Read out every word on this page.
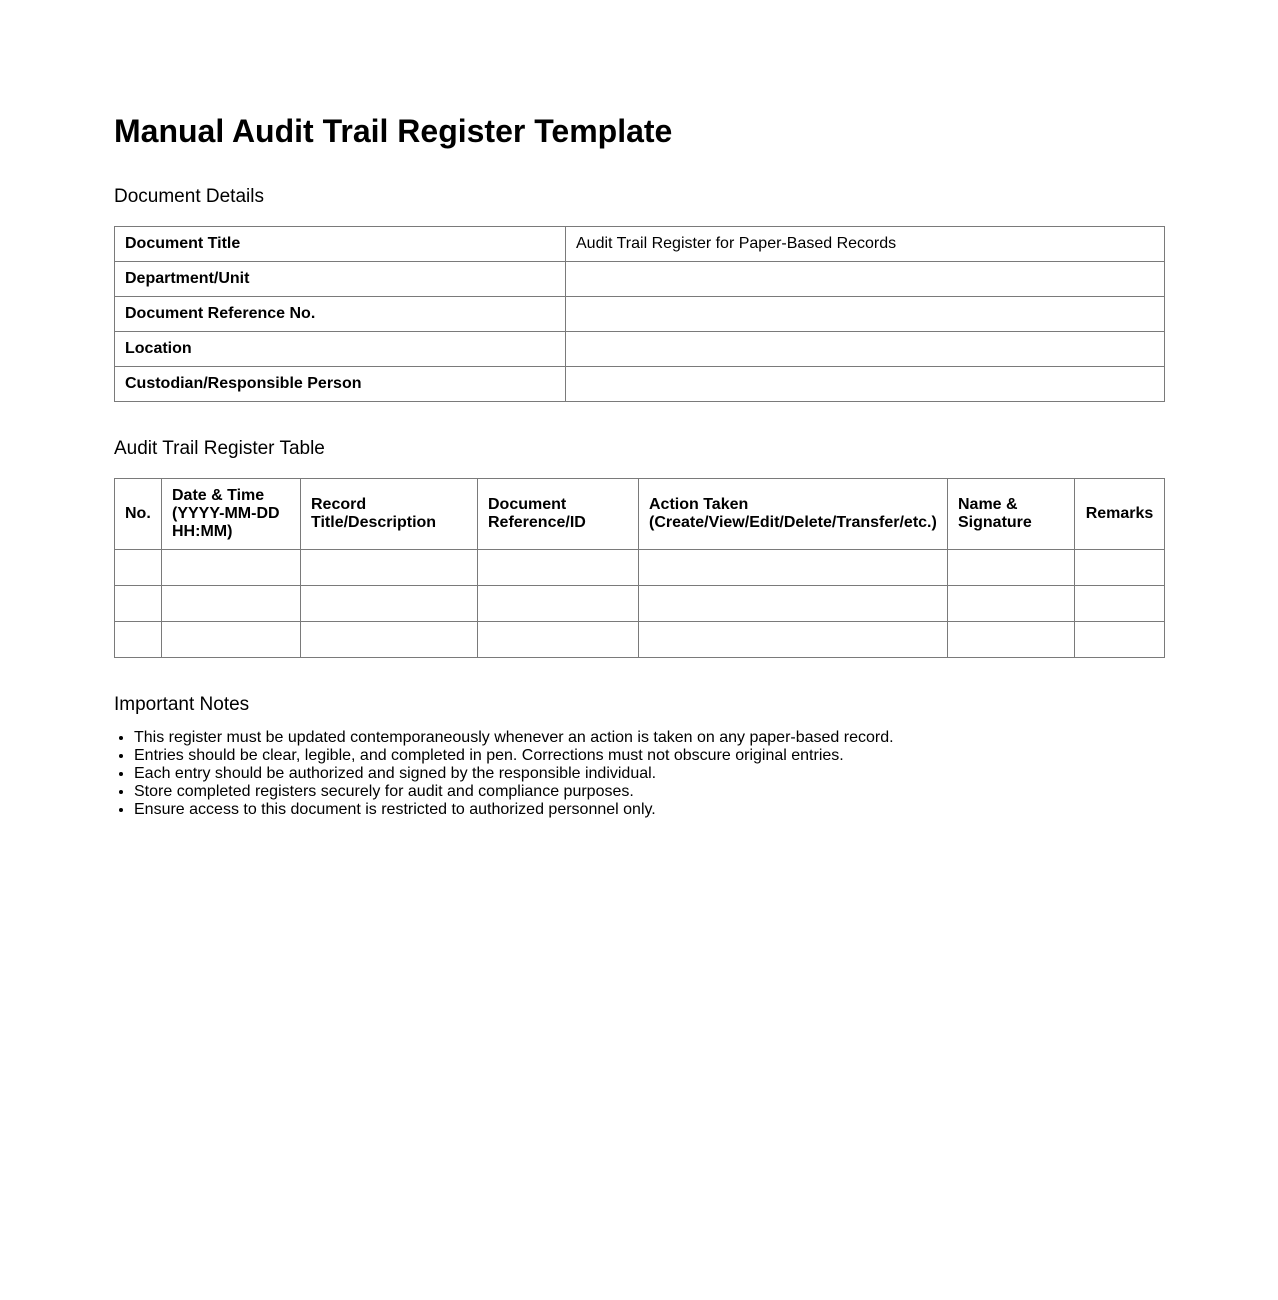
Manual Audit Trail Register Template
Document Details
Document Title	Audit Trail Register for Paper-Based Records
Department/Unit	
Document Reference No.	
Location	
Custodian/Responsible Person	
Audit Trail Register Table
No.	Date & Time (YYYY-MM-DD HH:MM)	Record Title/Description	Document Reference/ID	Action Taken (Create/View/Edit/Delete/Transfer/etc.)	Name & Signature	Remarks

Important Notes
• This register must be updated contemporaneously whenever an action is taken on any paper-based record.
• Entries should be clear, legible, and completed in pen. Corrections must not obscure original entries.
• Each entry should be authorized and signed by the responsible individual.
• Store completed registers securely for audit and compliance purposes.
• Ensure access to this document is restricted to authorized personnel only.
